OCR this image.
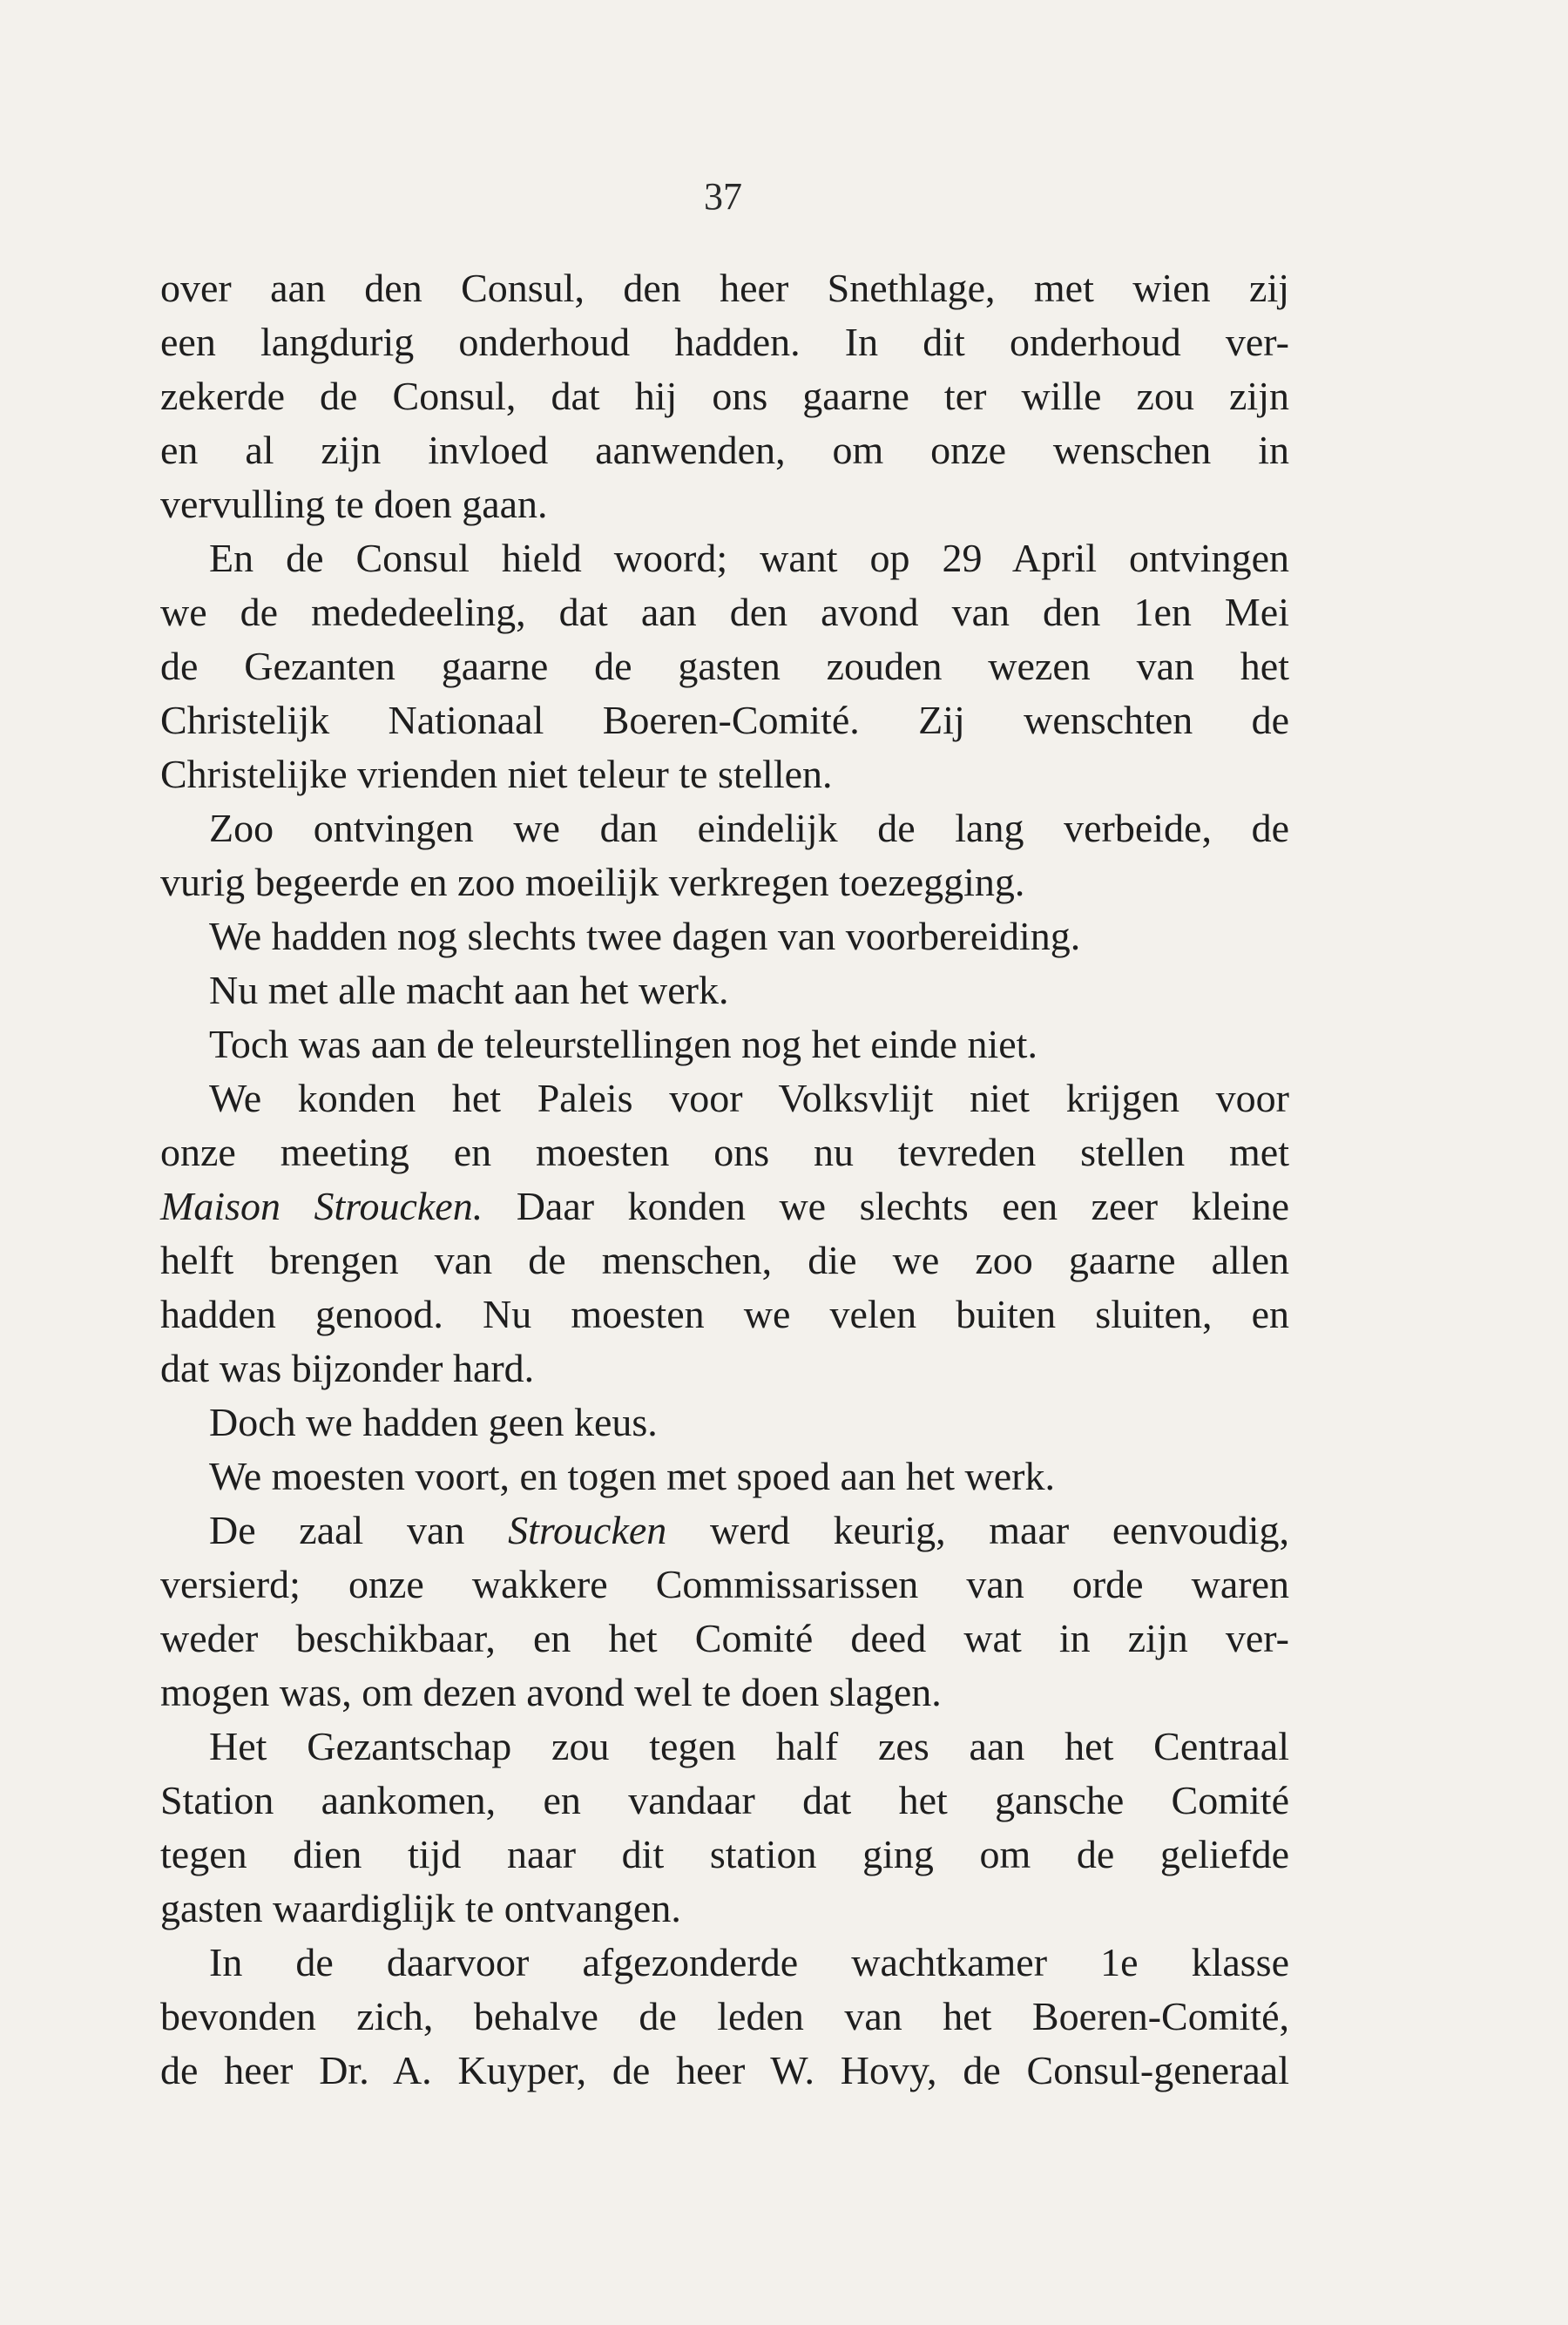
37
over aan den Consul, den heer Snethlage, met wien zij
een langdurig onderhoud hadden. In dit onderhoud ver-
zekerde de Consul, dat hij ons gaarne ter wille zou zijn
en al zijn invloed aanwenden, om onze wenschen in
vervulling te doen gaan.
En de Consul hield woord; want op 29 April ontvingen
we de mededeeling, dat aan den avond van den 1en Mei
de Gezanten gaarne de gasten zouden wezen van het
Christelijk Nationaal Boeren-Comité. Zij wenschten de
Christelijke vrienden niet teleur te stellen.
Zoo ontvingen we dan eindelijk de lang verbeide, de
vurig begeerde en zoo moeilijk verkregen toezegging.
We hadden nog slechts twee dagen van voorbereiding.
Nu met alle macht aan het werk.
Toch was aan de teleurstellingen nog het einde niet.
We konden het Paleis voor Volksvlijt niet krijgen voor
onze meeting en moesten ons nu tevreden stellen met
Maison Stroucken. Daar konden we slechts een zeer kleine
helft brengen van de menschen, die we zoo gaarne allen
hadden genood. Nu moesten we velen buiten sluiten, en
dat was bijzonder hard.
Doch we hadden geen keus.
We moesten voort, en togen met spoed aan het werk.
De zaal van Stroucken werd keurig, maar eenvoudig,
versierd; onze wakkere Commissarissen van orde waren
weder beschikbaar, en het Comité deed wat in zijn ver-
mogen was, om dezen avond wel te doen slagen.
Het Gezantschap zou tegen half zes aan het Centraal
Station aankomen, en vandaar dat het gansche Comité
tegen dien tijd naar dit station ging om de geliefde
gasten waardiglijk te ontvangen.
In de daarvoor afgezonderde wachtkamer 1e klasse
bevonden zich, behalve de leden van het Boeren-Comité,
de heer Dr. A. Kuyper, de heer W. Hovy, de Consul-generaal
